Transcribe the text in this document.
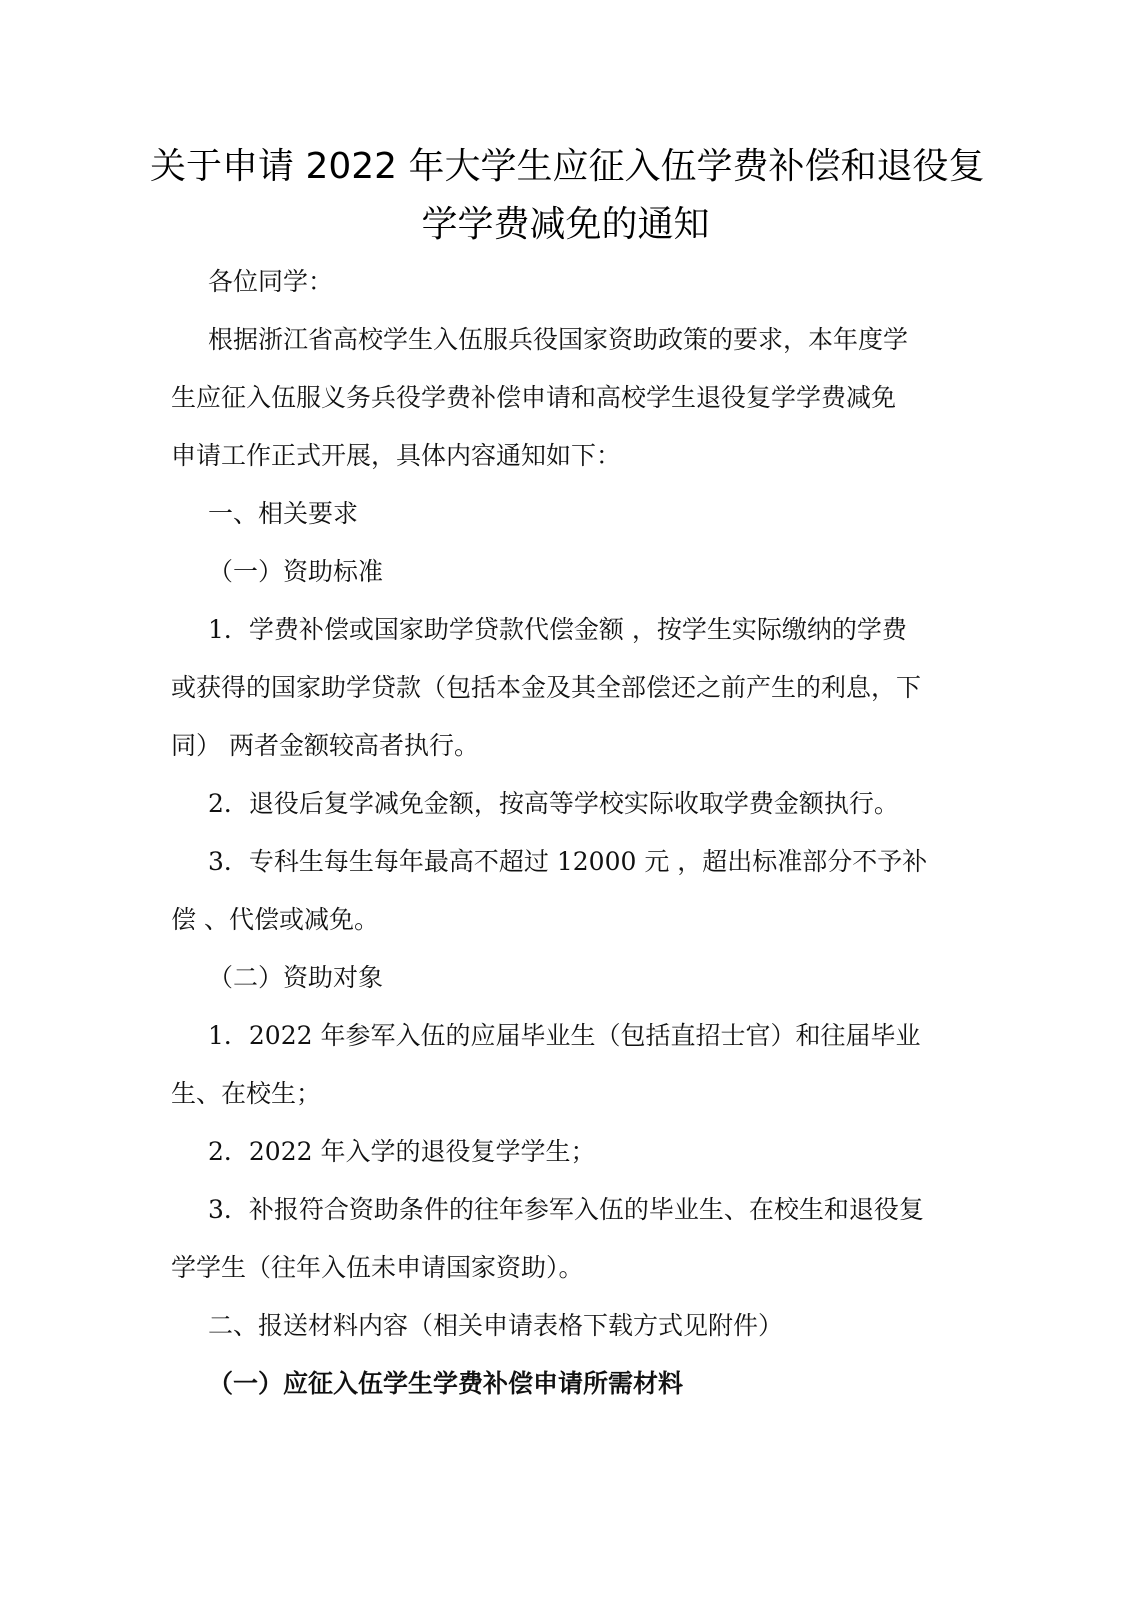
关于申请 2022 年大学生应征入伍学费补偿和退役复
学学费减免的通知
各位同学：
根据浙江省高校学生入伍服兵役国家资助政策的要求，本年度学
生应征入伍服义务兵役学费补偿申请和高校学生退役复学学费减免
申请工作正式开展，具体内容通知如下：
一、相关要求
（一）资助标准
1．学费补偿或国家助学贷款代偿金额 ，按学生实际缴纳的学费
或获得的国家助学贷款（包括本金及其全部偿还之前产生的利息，下
同） 两者金额较高者执行。
2．退役后复学减免金额，按高等学校实际收取学费金额执行。
3．专科生每生每年最高不超过 12000 元 ，超出标准部分不予补
偿 、代偿或减免。
（二）资助对象
1．2022 年参军入伍的应届毕业生（包括直招士官）和往届毕业
生、在校生；
2．2022 年入学的退役复学学生；
3．补报符合资助条件的往年参军入伍的毕业生、在校生和退役复
学学生（往年入伍未申请国家资助）。
二、报送材料内容（相关申请表格下载方式见附件）
（一）应征入伍学生学费补偿申请所需材料
